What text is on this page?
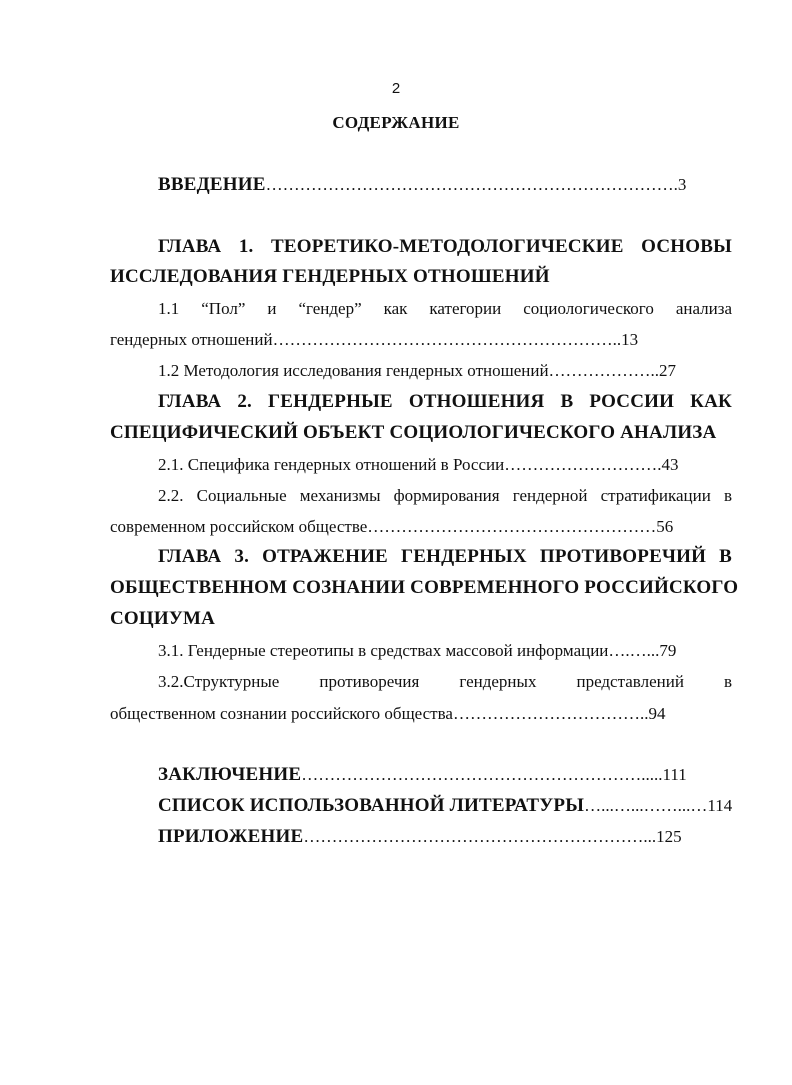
2
СОДЕРЖАНИЕ
ВВЕДЕНИЕ……………………………………………………………….3
ГЛАВА 1. ТЕОРЕТИКО-МЕТОДОЛОГИЧЕСКИЕ ОСНОВЫ
ИССЛЕДОВАНИЯ ГЕНДЕРНЫХ ОТНОШЕНИЙ
1.1 “Пол” и “гендер” как категории социологического анализа
гендерных отношений……………………………………………………..13
1.2 Методология исследования гендерных отношений………………..27
ГЛАВА 2. ГЕНДЕРНЫЕ ОТНОШЕНИЯ В РОССИИ КАК
СПЕЦИФИЧЕСКИЙ ОБЪЕКТ СОЦИОЛОГИЧЕСКОГО АНАЛИЗА
2.1. Специфика гендерных отношений в России……………………….43
2.2. Социальные механизмы формирования гендерной стратификации в
современном российском обществе……………………………………………56
ГЛАВА 3. ОТРАЖЕНИЕ ГЕНДЕРНЫХ ПРОТИВОРЕЧИЙ В
ОБЩЕСТВЕННОМ СОЗНАНИИ СОВРЕМЕННОГО РОССИЙСКОГО
СОЦИУМА
3.1. Гендерные стереотипы в средствах массовой информации….…...79
3.2.Структурные противоречия гендерных представлений в
общественном сознании российского общества……………………………..94
ЗАКЛЮЧЕНИЕ…………………………………………………….....111
СПИСОК ИСПОЛЬЗОВАННОЙ ЛИТЕРАТУРЫ…...…...……...…114
ПРИЛОЖЕНИЕ……………………………………………………...125
